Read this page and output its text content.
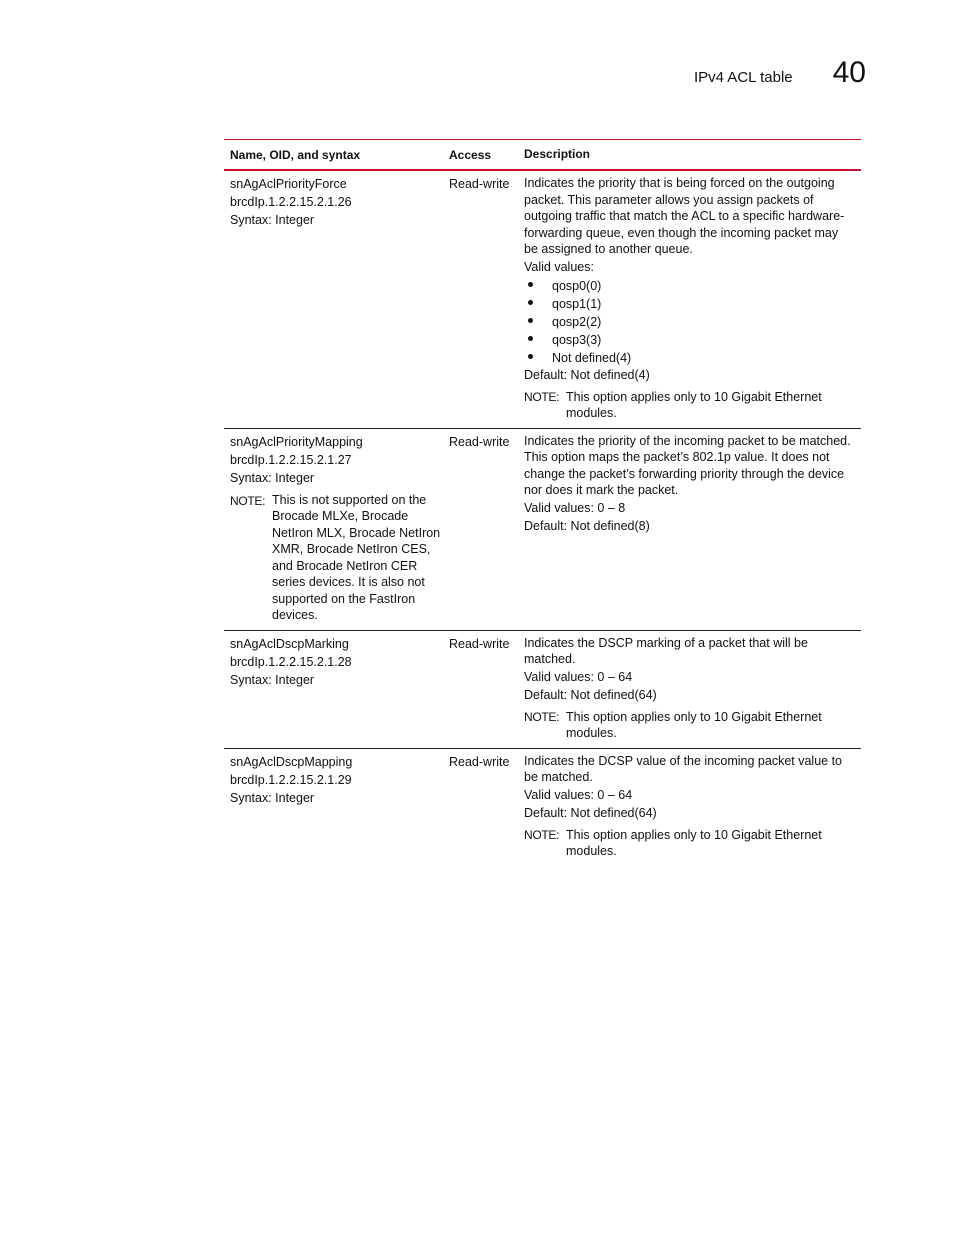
IPv4 ACL table 40
Name, OID, and syntax	Access	Description

snAgAclPriorityForce

brcdIp.1.2.2.15.2.1.26

Syntax: Integer

Read-write	Indicates the priority that is being forced on the outgoing packet. This parameter allows you assign packets of outgoing traffic that match the ACL to a specific hardware-forwarding queue, even though the incoming packet may be assigned to another queue.

Valid values:

qosp0(0)
qosp1(1)
qosp2(2)
qosp3(3)
Not defined(4)

Default: Not defined(4)

NOTE: This option applies only to 10 Gigabit Ethernet modules.

snAgAclPriorityMapping

brcdIp.1.2.2.15.2.1.27

Syntax: Integer

NOTE: This is not supported on the Brocade MLXe, Brocade NetIron MLX, Brocade NetIron XMR, Brocade NetIron CES, and Brocade NetIron CER series devices. It is also not supported on the FastIron devices.
Read-write	Indicates the priority of the incoming packet to be matched. This option maps the packet’s 802.1p value. It does not change the packet’s forwarding priority through the device nor does it mark the packet.

Valid values: 0 – 8

Default: Not defined(8)

snAgAclDscpMarking

brcdIp.1.2.2.15.2.1.28

Syntax: Integer

Read-write	Indicates the DSCP marking of a packet that will be matched.

Valid values: 0 – 64

Default: Not defined(64)

NOTE: This option applies only to 10 Gigabit Ethernet modules.

snAgAclDscpMapping

brcdIp.1.2.2.15.2.1.29

Syntax: Integer

Read-write	Indicates the DCSP value of the incoming packet value to be matched.

Valid values: 0 – 64

Default: Not defined(64)

NOTE: This option applies only to 10 Gigabit Ethernet modules.
